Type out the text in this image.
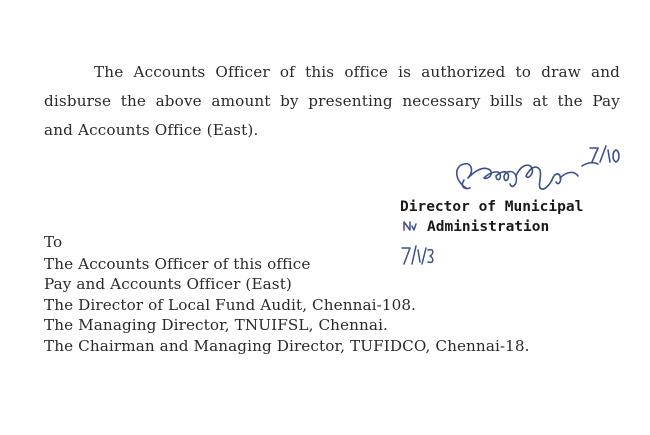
The Accounts Officer of this office is authorized to draw and
disburse the above amount by presenting necessary bills at the Pay
and Accounts Office (East).
Director of Municipal
Administration
To
The Accounts Officer of this office
Pay and Accounts Officer (East)
The Director of Local Fund Audit, Chennai-108.
The Managing Director, TNUIFSL, Chennai.
The Chairman and Managing Director, TUFIDCO, Chennai-18.
